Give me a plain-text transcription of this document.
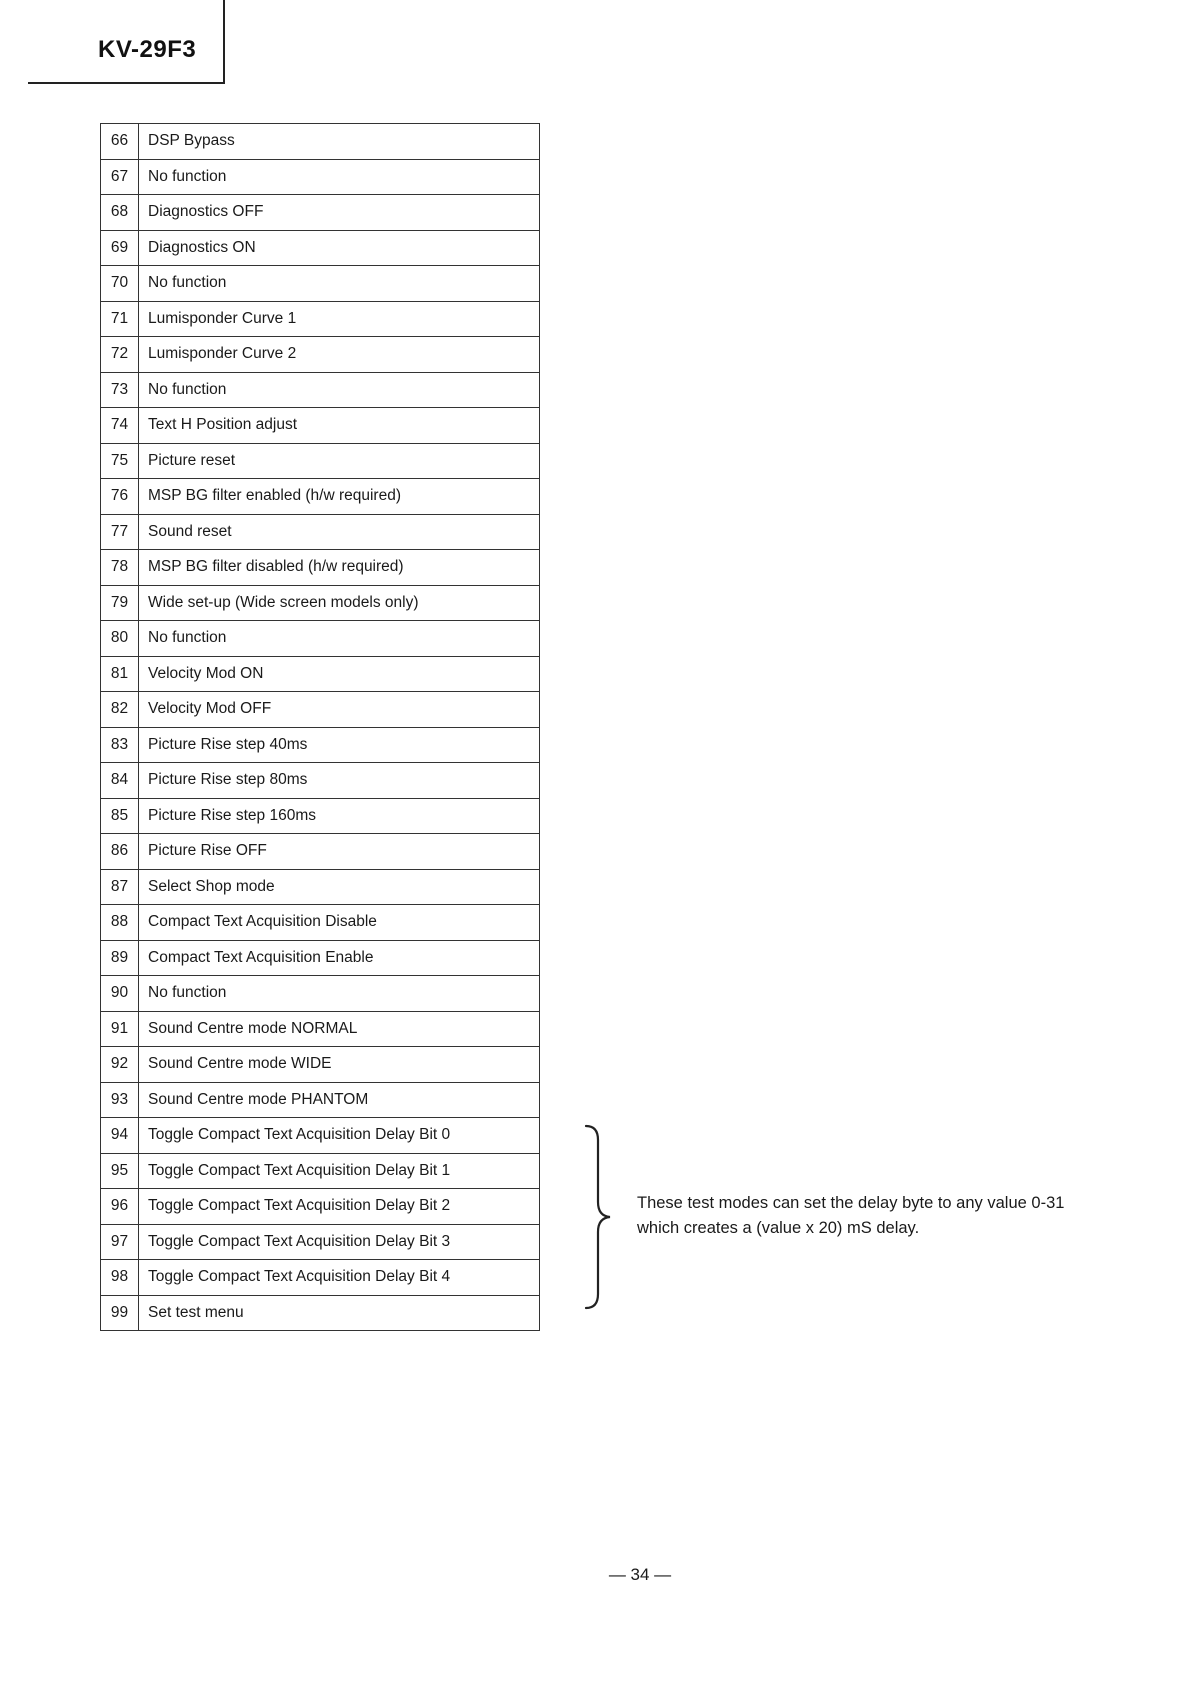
KV-29F3
66	DSP Bypass
67	No function
68	Diagnostics OFF
69	Diagnostics ON
70	No function
71	Lumisponder Curve 1
72	Lumisponder Curve 2
73	No function
74	Text H Position adjust
75	Picture reset
76	MSP BG filter enabled (h/w required)
77	Sound reset
78	MSP BG filter disabled (h/w required)
79	Wide set-up (Wide screen models only)
80	No function
81	Velocity Mod ON
82	Velocity Mod OFF
83	Picture Rise step 40ms
84	Picture Rise step 80ms
85	Picture Rise step 160ms
86	Picture Rise OFF
87	Select Shop mode
88	Compact Text Acquisition Disable
89	Compact Text Acquisition Enable
90	No function
91	Sound Centre mode NORMAL
92	Sound Centre mode WIDE
93	Sound Centre mode PHANTOM
94	Toggle Compact Text Acquisition Delay Bit 0
95	Toggle Compact Text Acquisition Delay Bit 1
96	Toggle Compact Text Acquisition Delay Bit 2
97	Toggle Compact Text Acquisition Delay Bit 3
98	Toggle Compact Text Acquisition Delay Bit 4
99	Set test menu
These test modes can set the delay byte to any value 0-31
which creates a (value x 20) mS delay.
— 34 —
